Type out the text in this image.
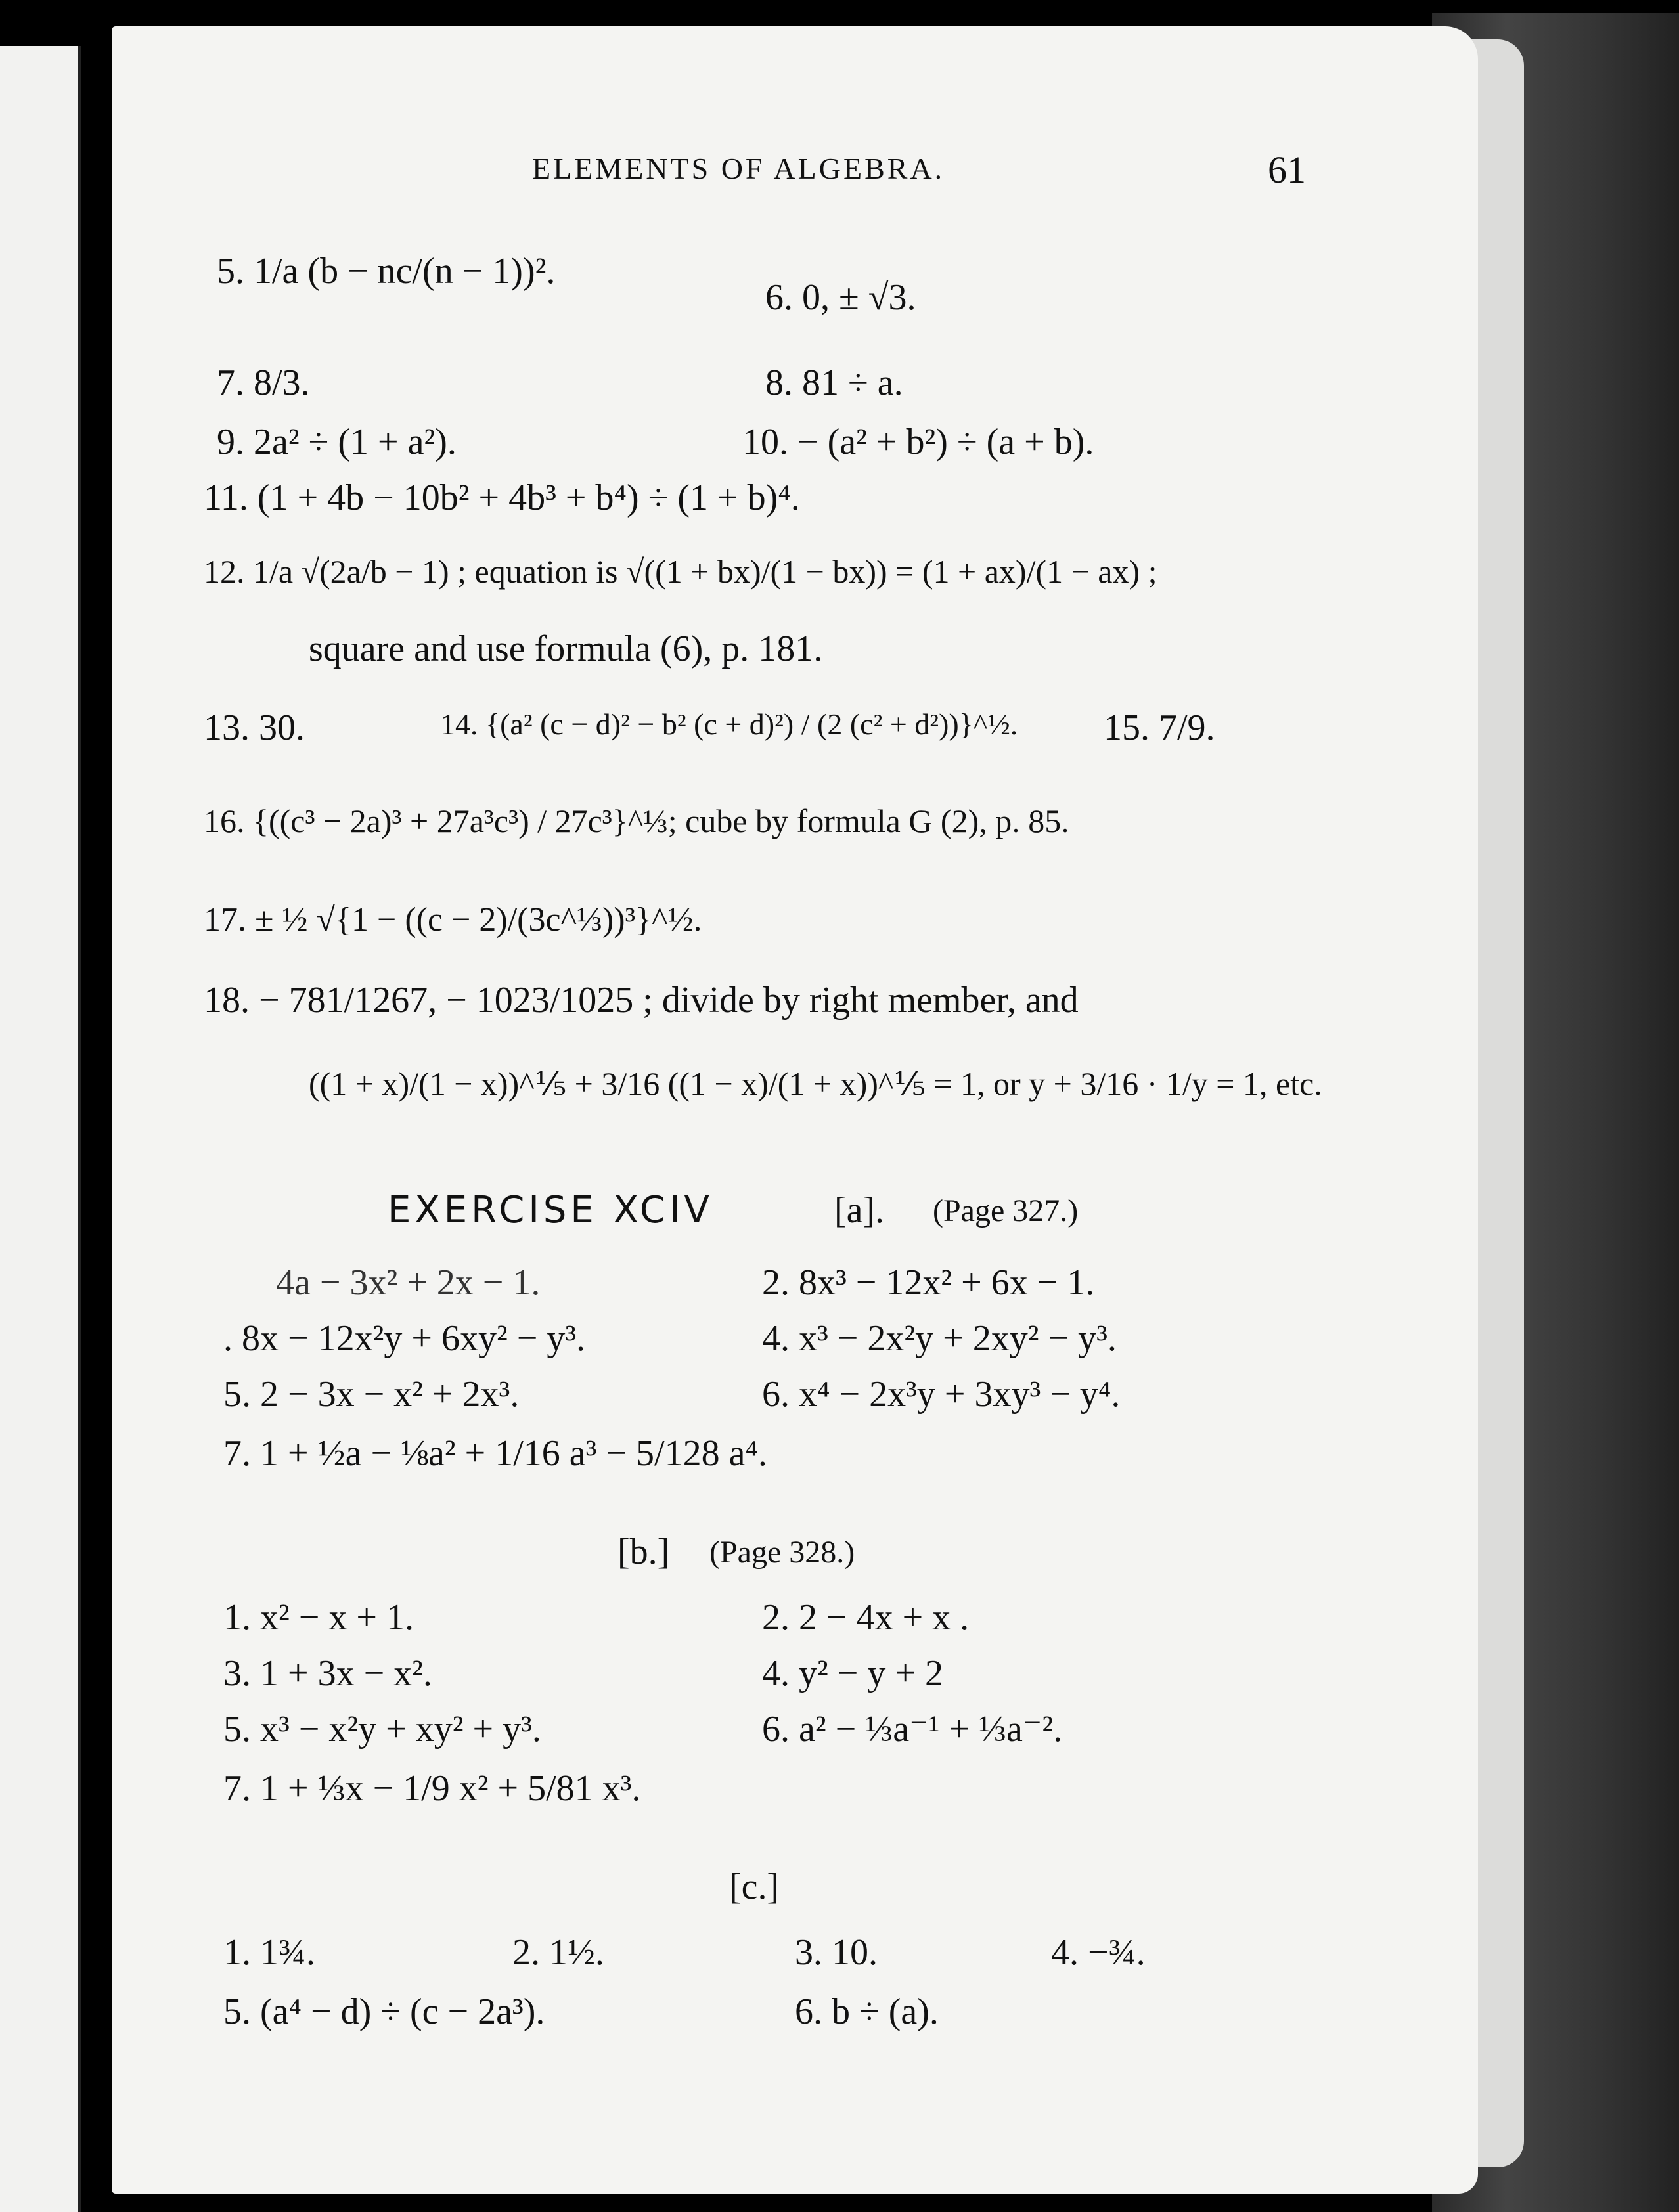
ELEMENTS OF ALGEBRA.	61
5. 1/a (b − nc/(n − 1))².
6. 0, ± √3.
7. 8/3.	8. 81 ÷ a.
9. 2a² ÷ (1 + a²).	10. − (a² + b²) ÷ (a + b).
11. (1 + 4b − 10b² + 4b³ + b⁴) ÷ (1 + b)⁴.
12. 1/a √(2a/b − 1) ; equation is √((1 + bx)/(1 − bx)) = (1 + ax)/(1 − ax) ;
square and use formula (6), p. 181.
13. 30.	14. {(a² (c − d)² − b² (c + d)²) / (2 (c² + d²))}^½. 15. 7/9.
16. {((c³ − 2a)³ + 27a³c³) / 27c³}^⅓; cube by formula G (2), p. 85.
17. ± ½ √{1 − ((c − 2)/(3c^⅓))³}^½.
18. − 781/1267, − 1023/1025 ; divide by right member, and
((1 + x)/(1 − x))^⅕ + 3/16 ((1 − x)/(1 + x))^⅕ = 1, or y + 3/16 · 1/y = 1, etc.
EXERCISE XCIV	[a]. (Page 327.)
4a − 3x² + 2x − 1.	2. 8x³ − 12x² + 6x − 1.
. 8x − 12x²y + 6xy² − y³.	4. x³ − 2x²y + 2xy² − y³.
5. 2 − 3x − x² + 2x³.	6. x⁴ − 2x³y + 3xy³ − y⁴.
7. 1 + ½a − ⅛a² + 1/16 a³ − 5/128 a⁴.
[b.] (Page 328.)
1. x² − x + 1.	2. 2 − 4x + x .
3. 1 + 3x − x².	4. y² − y + 2
5. x³ − x²y + xy² + y³.	6. a² − ⅓a⁻¹ + ⅓a⁻².
7. 1 + ⅓x − 1/9 x² + 5/81 x³.
[c.]
1. 1¾.	2. 1½.	3. 10.	4. −¾.
5. (a⁴ − d) ÷ (c − 2a³).	6. b ÷ (a).
